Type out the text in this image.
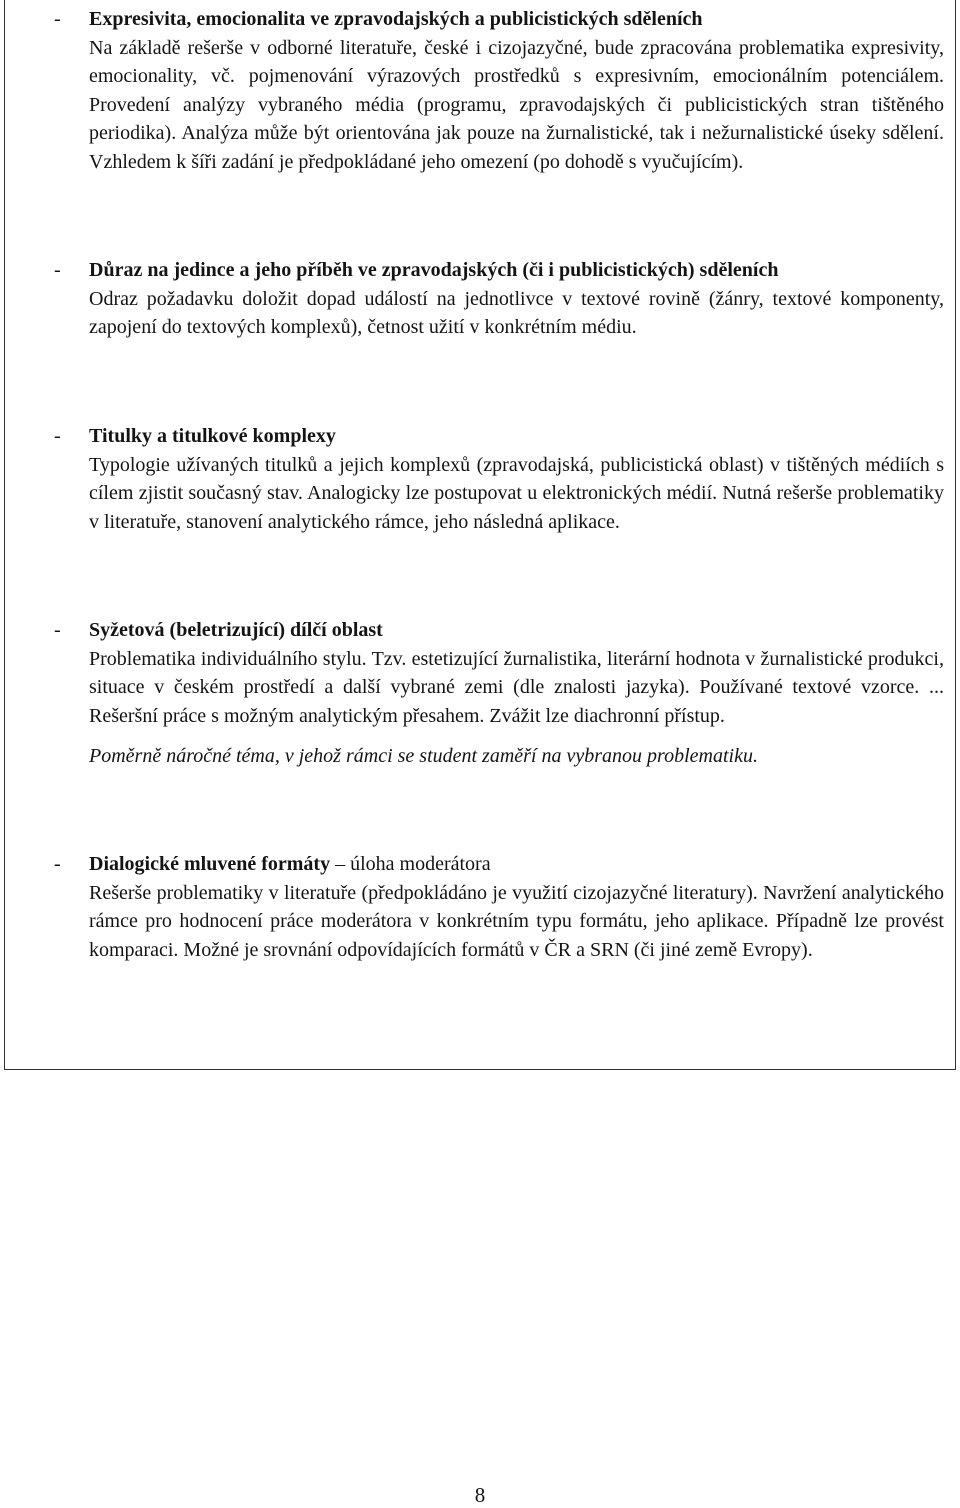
- Expresivita, emocionalita ve zpravodajských a publicistických sděleních
Na základě rešerše v odborné literatuře, české i cizojazyčné, bude zpracována problematika expresivity, emocionality, vč. pojmenování výrazových prostředků s expresivním, emocionálním potenciálem. Provedení analýzy vybraného média (programu, zpravodajských či publicistických stran tištěného periodika). Analýza může být orientována jak pouze na žurnalistické, tak i nežurnalistické úseky sdělení. Vzhledem k šíři zadání je předpokládané jeho omezení (po dohodě s vyučujícím).
- Důraz na jedince a jeho příběh ve zpravodajských (či i publicistických) sděleních
Odraz požadavku doložit dopad událostí na jednotlivce v textové rovině (žánry, textové komponenty, zapojení do textových komplexů), četnost užití v konkrétním médiu.
- Titulky a titulkové komplexy
Typologie užívaných titulků a jejich komplexů (zpravodajská, publicistická oblast) v tištěných médiích s cílem zjistit současný stav. Analogicky lze postupovat u elektronických médií. Nutná rešerše problematiky v literatuře, stanovení analytického rámce, jeho následná aplikace.
- Syžetová (beletrizující) dílčí oblast
Problematika individuálního stylu. Tzv. estetizující žurnalistika, literární hodnota v žurnalistické produkci, situace v českém prostředí a další vybrané zemi (dle znalosti jazyka). Používané textové vzorce. ... Rešeršní práce s možným analytickým přesahem. Zvážit lze diachronní přístup.
Poměrně náročné téma, v jehož rámci se student zaměří na vybranou problematiku.
- Dialogické mluvené formáty – úloha moderátora
Rešerše problematiky v literatuře (předpokládáno je využití cizojazyčné literatury). Navržení analytického rámce pro hodnocení práce moderátora v konkrétním typu formátu, jeho aplikace. Případně lze provést komparaci. Možné je srovnání odpovídajících formátů v ČR a SRN (či jiné země Evropy).
8
